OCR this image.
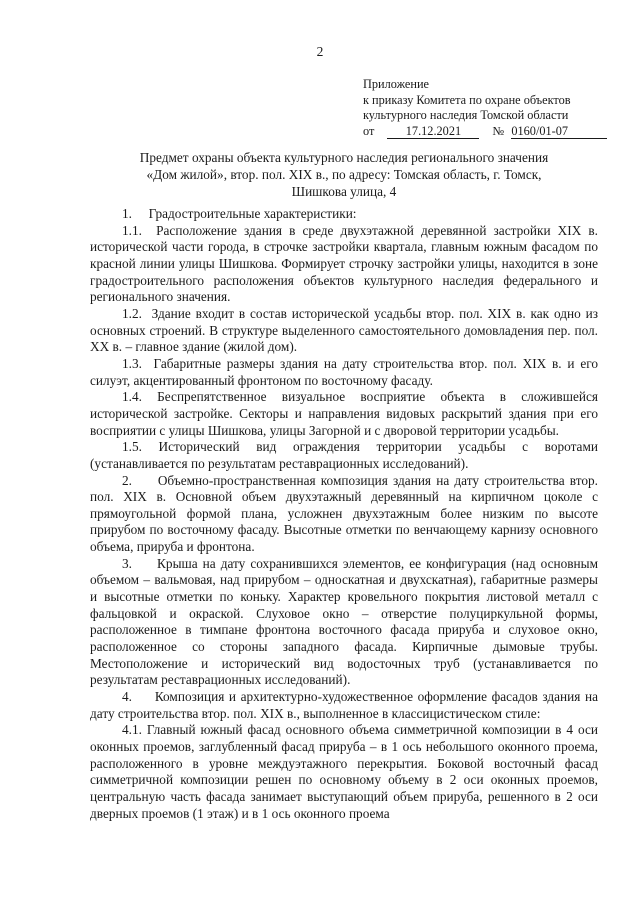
2
Приложение
к приказу Комитета по охране объектов
культурного наследия Томской области
от	17.12.2021	№ 0160/01-07
Предмет охраны объекта культурного наследия регионального значения
«Дом жилой», втор. пол. XIX в., по адресу: Томская область, г. Томск,
Шишкова улица, 4

1.     Градостроительные характеристики:

1.1.  Расположение здания в среде двухэтажной деревянной застройки XIX в. исторической части города, в строчке застройки квартала, главным южным фасадом по красной линии улицы Шишкова. Формирует строчку застройки улицы, находится в зоне градостроительного расположения объектов культурного наследия федерального и регионального значения.

1.2.  Здание входит в состав исторической усадьбы втор. пол. XIX в. как одно из основных строений. В структуре выделенного самостоятельного домовладения пер. пол. XX в. – главное здание (жилой дом).

1.3.  Габаритные размеры здания на дату строительства втор. пол. XIX в. и его силуэт, акцентированный фронтоном по восточному фасаду.

1.4. Беспрепятственное визуальное восприятие объекта в сложившейся исторической застройке. Секторы и направления видовых раскрытий здания при его восприятии с улицы Шишкова, улицы Загорной и с дворовой территории усадьбы.

1.5. Исторический вид ограждения территории усадьбы с воротами (устанавливается по результатам реставрационных исследований).

2.     Объемно-пространственная композиция здания на дату строительства втор. пол. XIX в. Основной объем двухэтажный деревянный на кирпичном цоколе с прямоугольной формой плана, усложнен двухэтажным более низким по высоте прирубом по восточному фасаду. Высотные отметки по венчающему карнизу основного объема, прируба и фронтона.

3.     Крыша на дату сохранившихся элементов, ее конфигурация (над основным объемом – вальмовая, над прирубом – односкатная и двухскатная), габаритные размеры и высотные отметки по коньку. Характер кровельного покрытия листовой металл с фальцовкой и окраской. Слуховое окно – отверстие полуциркульной формы, расположенное в тимпане фронтона восточного фасада прируба и слуховое окно, расположенное со стороны западного фасада. Кирпичные дымовые трубы. Местоположение и исторический вид водосточных труб (устанавливается по результатам реставрационных исследований).

4.     Композиция и архитектурно-художественное оформление фасадов здания на дату строительства втор. пол. XIX в., выполненное в классицистическом стиле:

4.1. Главный южный фасад основного объема симметричной композиции в 4 оси оконных проемов, заглубленный фасад прируба – в 1 ось небольшого оконного проема, расположенного в уровне междуэтажного перекрытия. Боковой восточный фасад симметричной композиции решен по основному объему в 2 оси оконных проемов, центральную часть фасада занимает выступающий объем прируба, решенного в 2 оси дверных проемов (1 этаж) и в 1 ось оконного проема
